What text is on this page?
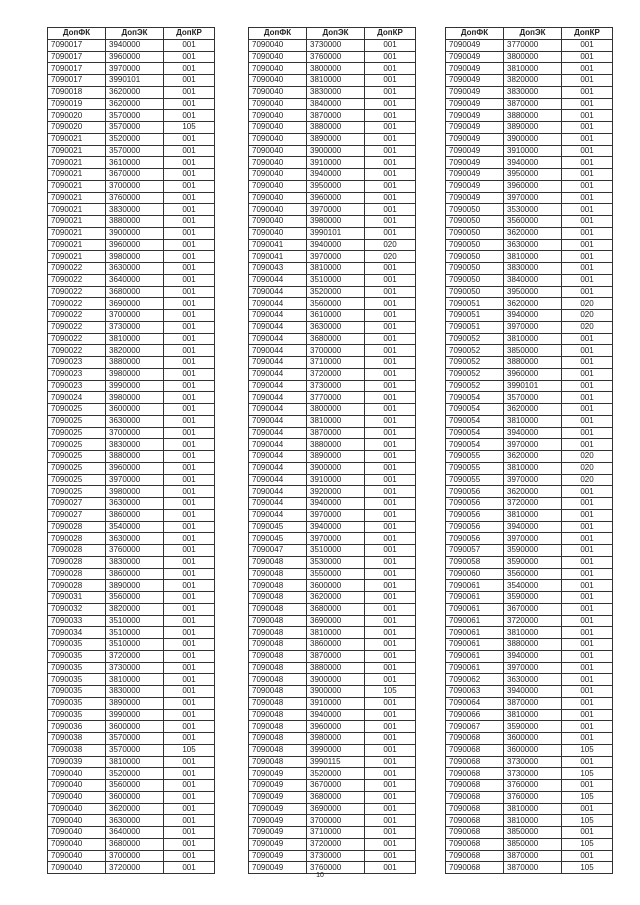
ДопФК	ДопЭК	ДопКР
7090017	3940000	001
7090017	3960000	001
7090017	3970000	001
7090017	3990101	001
7090018	3620000	001
7090019	3620000	001
7090020	3570000	001
7090020	3570000	105
7090021	3520000	001
7090021	3570000	001
7090021	3610000	001
7090021	3670000	001
7090021	3700000	001
7090021	3760000	001
7090021	3830000	001
7090021	3880000	001
7090021	3900000	001
7090021	3960000	001
7090021	3980000	001
7090022	3630000	001
7090022	3640000	001
7090022	3680000	001
7090022	3690000	001
7090022	3700000	001
7090022	3730000	001
7090022	3810000	001
7090022	3820000	001
7090023	3880000	001
7090023	3980000	001
7090023	3990000	001
7090024	3980000	001
7090025	3600000	001
7090025	3630000	001
7090025	3700000	001
7090025	3830000	001
7090025	3880000	001
7090025	3960000	001
7090025	3970000	001
7090025	3980000	001
7090027	3630000	001
7090027	3860000	001
7090028	3540000	001
7090028	3630000	001
7090028	3760000	001
7090028	3830000	001
7090028	3860000	001
7090028	3890000	001
7090031	3560000	001
7090032	3820000	001
7090033	3510000	001
7090034	3510000	001
7090035	3510000	001
7090035	3720000	001
7090035	3730000	001
7090035	3810000	001
7090035	3830000	001
7090035	3890000	001
7090035	3990000	001
7090036	3600000	001
7090038	3570000	001
7090038	3570000	105
7090039	3810000	001
7090040	3520000	001
7090040	3560000	001
7090040	3600000	001
7090040	3620000	001
7090040	3630000	001
7090040	3640000	001
7090040	3680000	001
7090040	3700000	001
7090040	3720000	001
ДопФК	ДопЭК	ДопКР
7090040	3730000	001
7090040	3760000	001
7090040	3800000	001
7090040	3810000	001
7090040	3830000	001
7090040	3840000	001
7090040	3870000	001
7090040	3880000	001
7090040	3890000	001
7090040	3900000	001
7090040	3910000	001
7090040	3940000	001
7090040	3950000	001
7090040	3960000	001
7090040	3970000	001
7090040	3980000	001
7090040	3990101	001
7090041	3940000	020
7090041	3970000	020
7090043	3810000	001
7090044	3510000	001
7090044	3520000	001
7090044	3560000	001
7090044	3610000	001
7090044	3630000	001
7090044	3680000	001
7090044	3700000	001
7090044	3710000	001
7090044	3720000	001
7090044	3730000	001
7090044	3770000	001
7090044	3800000	001
7090044	3810000	001
7090044	3870000	001
7090044	3880000	001
7090044	3890000	001
7090044	3900000	001
7090044	3910000	001
7090044	3920000	001
7090044	3940000	001
7090044	3970000	001
7090045	3940000	001
7090045	3970000	001
7090047	3510000	001
7090048	3530000	001
7090048	3550000	001
7090048	3600000	001
7090048	3620000	001
7090048	3680000	001
7090048	3690000	001
7090048	3810000	001
7090048	3860000	001
7090048	3870000	001
7090048	3880000	001
7090048	3900000	001
7090048	3900000	105
7090048	3910000	001
7090048	3940000	001
7090048	3960000	001
7090048	3980000	001
7090048	3990000	001
7090048	3990115	001
7090049	3520000	001
7090049	3670000	001
7090049	3680000	001
7090049	3690000	001
7090049	3700000	001
7090049	3710000	001
7090049	3720000	001
7090049	3730000	001
7090049	3760000	001
ДопФК	ДопЭК	ДопКР
7090049	3770000	001
7090049	3800000	001
7090049	3810000	001
7090049	3820000	001
7090049	3830000	001
7090049	3870000	001
7090049	3880000	001
7090049	3890000	001
7090049	3900000	001
7090049	3910000	001
7090049	3940000	001
7090049	3950000	001
7090049	3960000	001
7090049	3970000	001
7090050	3530000	001
7090050	3560000	001
7090050	3620000	001
7090050	3630000	001
7090050	3810000	001
7090050	3830000	001
7090050	3840000	001
7090050	3950000	001
7090051	3620000	020
7090051	3940000	020
7090051	3970000	020
7090052	3810000	001
7090052	3850000	001
7090052	3880000	001
7090052	3960000	001
7090052	3990101	001
7090054	3570000	001
7090054	3620000	001
7090054	3810000	001
7090054	3940000	001
7090054	3970000	001
7090055	3620000	020
7090055	3810000	020
7090055	3970000	020
7090056	3620000	001
7090056	3720000	001
7090056	3810000	001
7090056	3940000	001
7090056	3970000	001
7090057	3590000	001
7090058	3590000	001
7090060	3560000	001
7090061	3540000	001
7090061	3590000	001
7090061	3670000	001
7090061	3720000	001
7090061	3810000	001
7090061	3880000	001
7090061	3940000	001
7090061	3970000	001
7090062	3630000	001
7090063	3940000	001
7090064	3870000	001
7090066	3810000	001
7090067	3590000	001
7090068	3600000	001
7090068	3600000	105
7090068	3730000	001
7090068	3730000	105
7090068	3760000	001
7090068	3760000	105
7090068	3810000	001
7090068	3810000	105
7090068	3850000	001
7090068	3850000	105
7090068	3870000	001
7090068	3870000	105
10
